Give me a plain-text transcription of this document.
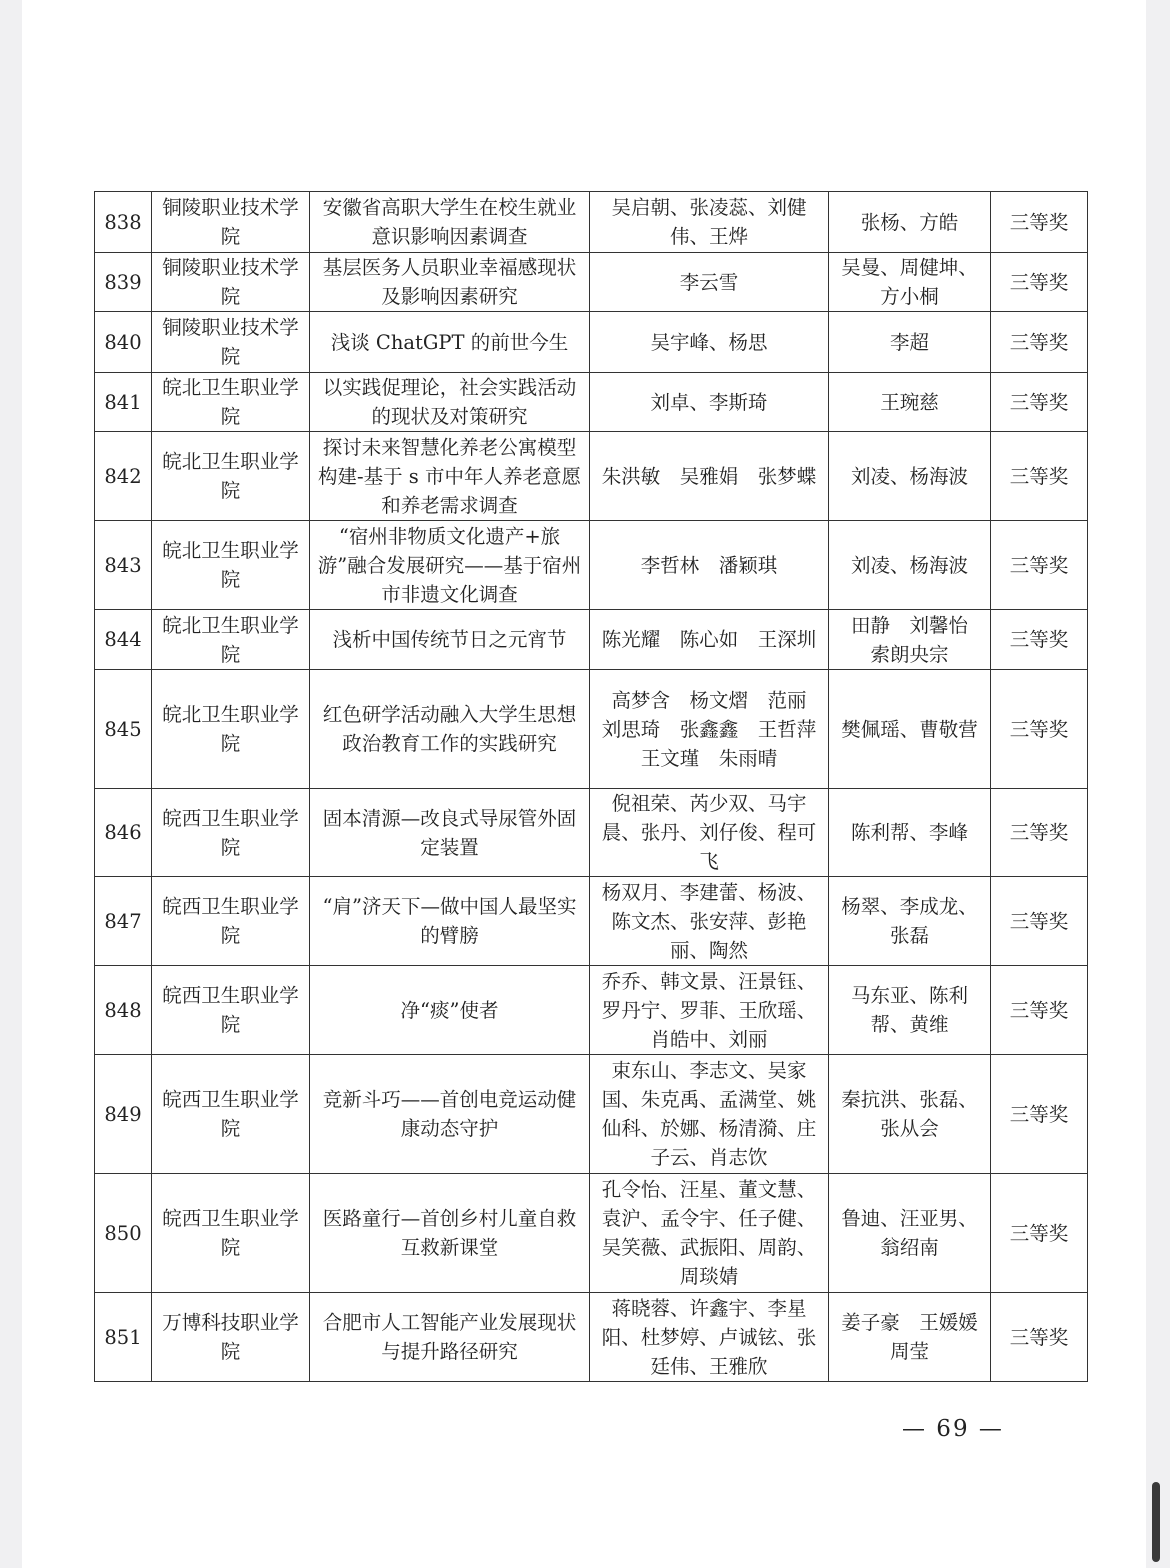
838	铜陵职业技术学院	安徽省高职大学生在校生就业意识影响因素调查	吴启朝、张凌蕊、刘健伟、王烨	张杨、方皓	三等奖
839	铜陵职业技术学院	基层医务人员职业幸福感现状及影响因素研究	李云雪	吴曼、周健坤、方小桐	三等奖
840	铜陵职业技术学院	浅谈 ChatGPT 的前世今生	吴宇峰、杨思	李超	三等奖
841	皖北卫生职业学院	以实践促理论，社会实践活动的现状及对策研究	刘卓、李斯琦	王琬慈	三等奖
842	皖北卫生职业学院	探讨未来智慧化养老公寓模型构建-基于 s 市中年人养老意愿和养老需求调查	朱洪敏　吴雅娟　张梦蝶	刘凌、杨海波	三等奖
843	皖北卫生职业学院	“宿州非物质文化遗产+旅游”融合发展研究——基于宿州市非遗文化调查	李哲林　潘颖琪	刘凌、杨海波	三等奖
844	皖北卫生职业学院	浅析中国传统节日之元宵节	陈光耀　陈心如　王深圳	田静　刘馨怡　索朗央宗	三等奖
845	皖北卫生职业学院	红色研学活动融入大学生思想政治教育工作的实践研究	高梦含　杨文熠　范丽　刘思琦　张鑫鑫　王哲萍　王文瑾　朱雨晴	樊佩瑶、曹敬营	三等奖
846	皖西卫生职业学院	固本清源—改良式导尿管外固定装置	倪祖荣、芮少双、马宇晨、张丹、刘仔俊、程可飞	陈利帮、李峰	三等奖
847	皖西卫生职业学院	“肩”济天下—做中国人最坚实的臂膀	杨双月、李建蕾、杨波、陈文杰、张安萍、彭艳丽、陶然	杨翠、李成龙、张磊	三等奖
848	皖西卫生职业学院	净“痰”使者	乔乔、韩文景、汪景钰、罗丹宁、罗菲、王欣瑶、肖皓中、刘丽	马东亚、陈利帮、黄维	三等奖
849	皖西卫生职业学院	竞新斗巧——首创电竞运动健康动态守护	束东山、李志文、吴家国、朱克禹、孟满堂、姚仙科、於娜、杨清漪、庄子云、肖志饮	秦抗洪、张磊、张从会	三等奖
850	皖西卫生职业学院	医路童行—首创乡村儿童自救互救新课堂	孔令怡、汪星、董文慧、袁沪、孟令宇、任子健、吴笑薇、武振阳、周韵、周琰婧	鲁迪、汪亚男、翁绍南	三等奖
851	万博科技职业学院	合肥市人工智能产业发展现状与提升路径研究	蒋晓蓉、许鑫宇、李星阳、杜梦婷、卢诚铉、张廷伟、王雅欣	姜子豪　王媛媛　周莹	三等奖
— 69 —
